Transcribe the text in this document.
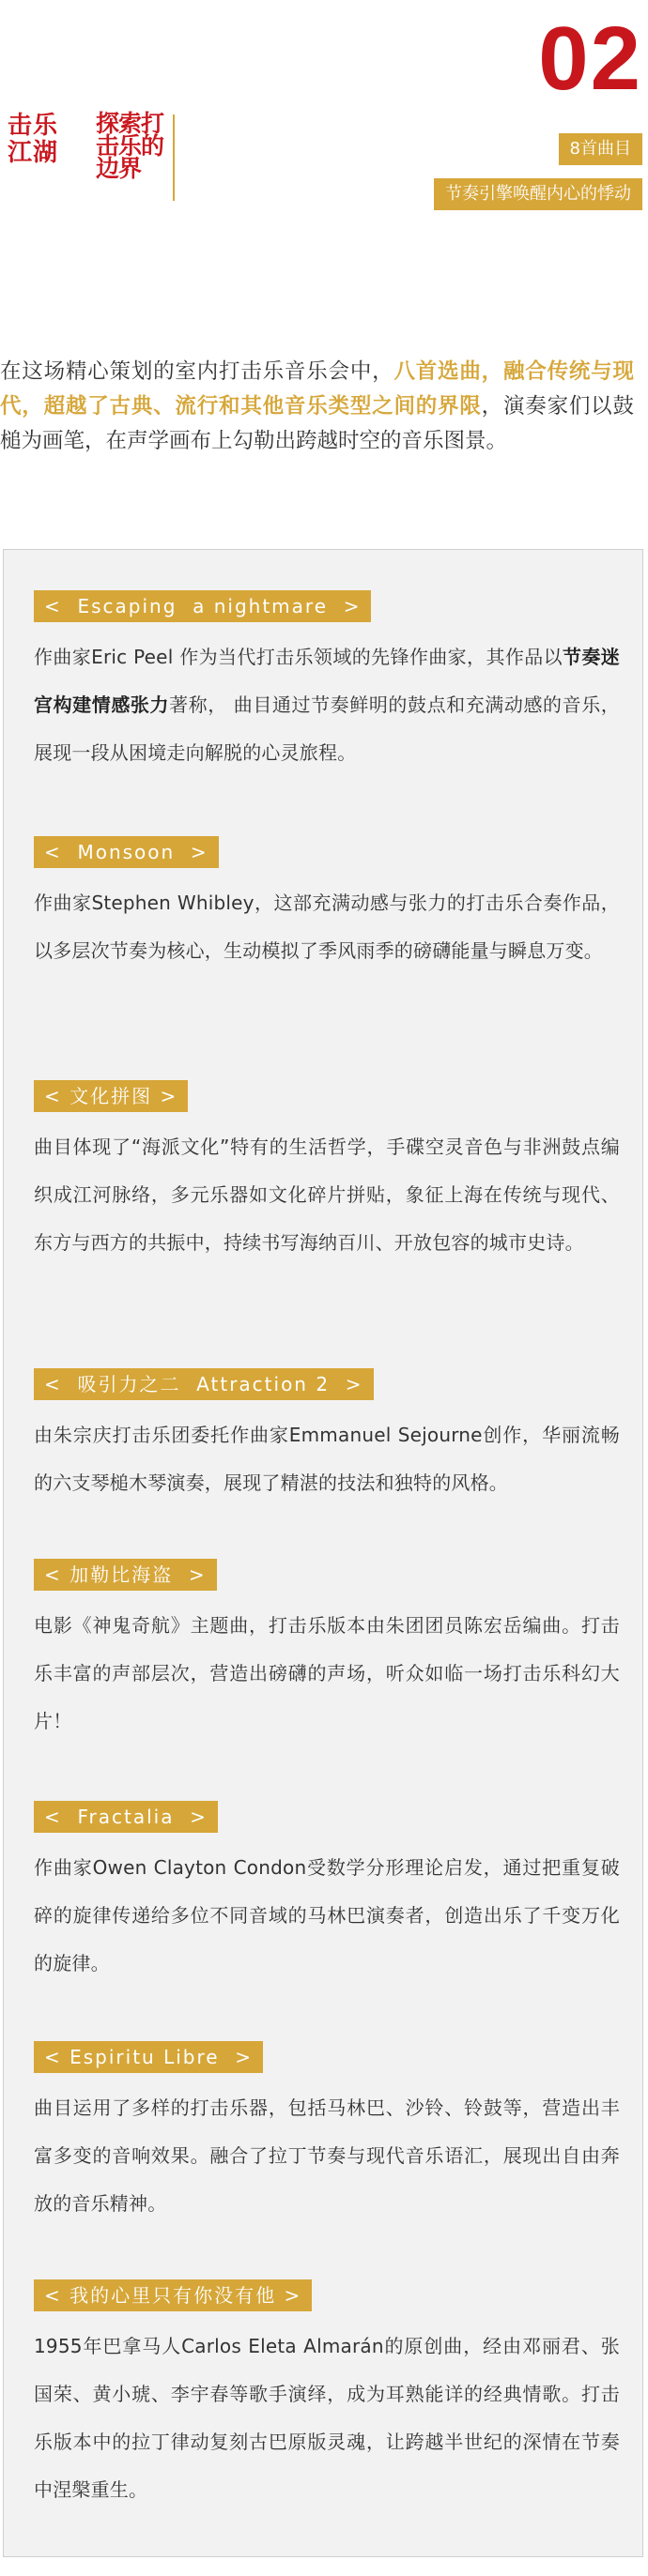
击乐江湖
探索打击乐的边界
02
8首曲目
节奏引擎唤醒内心的悸动
在这场精心策划的室内打击乐音乐会中，八首选曲，融合传统与现代，超越了古典、流行和其他音乐类型之间的界限，演奏家们以鼓槌为画笔，在声学画布上勾勒出跨越时空的音乐图景。
<  Escaping  a nightmare  >
作曲家Eric Peel 作为当代打击乐领域的先锋作曲家，其作品以节奏迷宫构建情感张力著称， 曲目通过节奏鲜明的鼓点和充满动感的音乐，展现一段从困境走向解脱的心灵旅程。
<  Monsoon  >
作曲家Stephen Whibley，这部充满动感与张力的打击乐合奏作品，以多层次节奏为核心，生动模拟了季风雨季的磅礴能量与瞬息万变。
< 文化拼图 >
曲目体现了“海派文化”特有的生活哲学，手碟空灵音色与非洲鼓点编织成江河脉络，多元乐器如文化碎片拼贴，象征上海在传统与现代、东方与西方的共振中，持续书写海纳百川、开放包容的城市史诗。
<  吸引力之二  Attraction 2  >
由朱宗庆打击乐团委托作曲家Emmanuel Sejourne创作，华丽流畅的六支琴槌木琴演奏，展现了精湛的技法和独特的风格。
< 加勒比海盗  >
电影《神鬼奇航》主题曲，打击乐版本由朱团团员陈宏岳编曲。打击乐丰富的声部层次，营造出磅礴的声场，听众如临一场打击乐科幻大片！
<  Fractalia  >
作曲家Owen Clayton Condon受数学分形理论启发，通过把重复破碎的旋律传递给多位不同音域的马林巴演奏者，创造出乐了千变万化的旋律。
< Espiritu Libre  >
曲目运用了多样的打击乐器，包括马林巴、沙铃、铃鼓等，营造出丰富多变的音响效果。融合了拉丁节奏与现代音乐语汇，展现出自由奔放的音乐精神。
< 我的心里只有你没有他 >
1955年巴拿马人Carlos Eleta Almarán的原创曲，经由邓丽君、张国荣、黄小琥、李宇春等歌手演绎，成为耳熟能详的经典情歌。打击乐版本中的拉丁律动复刻古巴原版灵魂，让跨越半世纪的深情在节奏中涅槃重生。
